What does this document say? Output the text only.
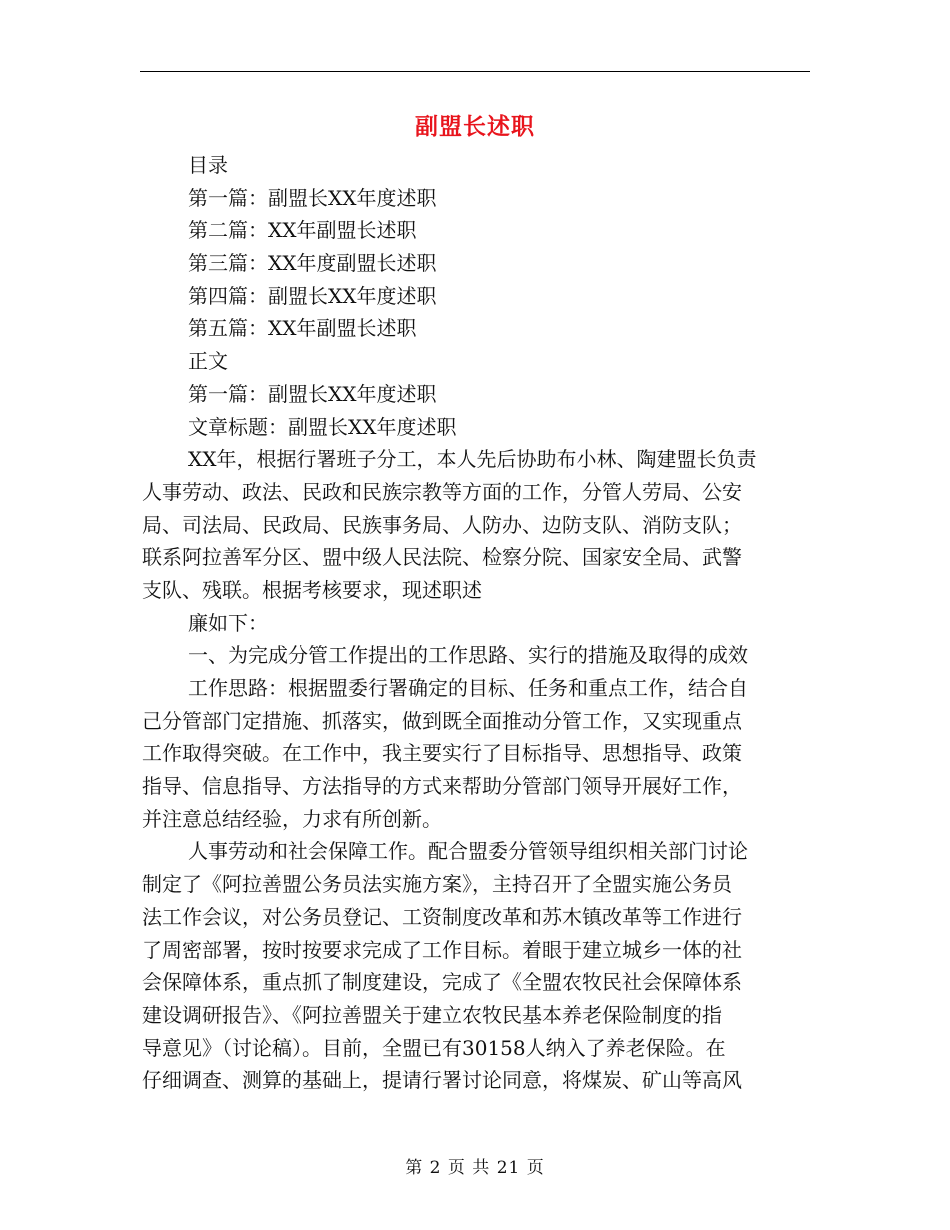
副盟长述职
目录
第一篇：副盟长XX年度述职
第二篇：XX年副盟长述职
第三篇：XX年度副盟长述职
第四篇：副盟长XX年度述职
第五篇：XX年副盟长述职
正文
第一篇：副盟长XX年度述职
文章标题：副盟长XX年度述职
XX年，根据行署班子分工，本人先后协助布小林、陶建盟长负责
人事劳动、政法、民政和民族宗教等方面的工作，分管人劳局、公安
局、司法局、民政局、民族事务局、人防办、边防支队、消防支队；
联系阿拉善军分区、盟中级人民法院、检察分院、国家安全局、武警
支队、残联。根据考核要求，现述职述
廉如下：
一、为完成分管工作提出的工作思路、实行的措施及取得的成效
工作思路：根据盟委行署确定的目标、任务和重点工作，结合自
己分管部门定措施、抓落实，做到既全面推动分管工作，又实现重点
工作取得突破。在工作中，我主要实行了目标指导、思想指导、政策
指导、信息指导、方法指导的方式来帮助分管部门领导开展好工作，
并注意总结经验，力求有所创新。
人事劳动和社会保障工作。配合盟委分管领导组织相关部门讨论
制定了《阿拉善盟公务员法实施方案》，主持召开了全盟实施公务员
法工作会议，对公务员登记、工资制度改革和苏木镇改革等工作进行
了周密部署，按时按要求完成了工作目标。着眼于建立城乡一体的社
会保障体系，重点抓了制度建设，完成了《全盟农牧民社会保障体系
建设调研报告》、《阿拉善盟关于建立农牧民基本养老保险制度的指
导意见》（讨论稿）。目前，全盟已有30158人纳入了养老保险。在
仔细调查、测算的基础上，提请行署讨论同意，将煤炭、矿山等高风
第 2 页 共 21 页
